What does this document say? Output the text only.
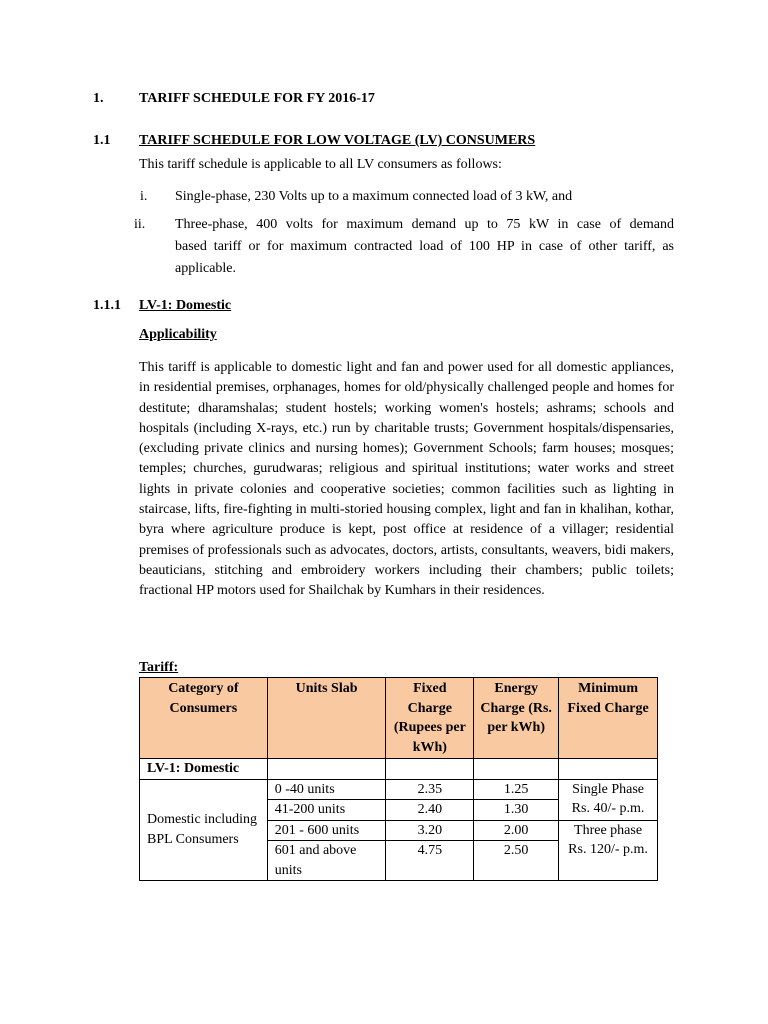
1.	TARIFF SCHEDULE FOR FY 2016-17
1.1 TARIFF SCHEDULE FOR LOW VOLTAGE (LV) CONSUMERS
This tariff schedule is applicable to all LV consumers as follows:
i. Single-phase, 230 Volts up to a maximum connected load of 3 kW, and
ii. Three-phase, 400 volts for maximum demand up to 75 kW in case of demand
based tariff or for maximum contracted load of 100 HP in case of other tariff, as
applicable.
1.1.1 LV-1: Domestic
Applicability
This tariff is applicable to domestic light and fan and power used for all domestic appliances, in residential premises, orphanages, homes for old/physically challenged people and homes for destitute; dharamshalas; student hostels; working women's hostels; ashrams; schools and hospitals (including X-rays, etc.) run by charitable trusts; Government hospitals/dispensaries, (excluding private clinics and nursing homes); Government Schools; farm houses; mosques; temples; churches, gurudwaras; religious and spiritual institutions; water works and street lights in private colonies and cooperative societies; common facilities such as lighting in staircase, lifts, fire-fighting in multi-storied housing complex, light and fan in khalihan, kothar, byra where agriculture produce is kept, post office at residence of a villager; residential premises of professionals such as advocates, doctors, artists, consultants, weavers, bidi makers, beauticians, stitching and embroidery workers including their chambers; public toilets; fractional HP motors used for Shailchak by Kumhars in their residences.
Tariff:
Category of Consumers	Units Slab	Fixed Charge (Rupees per kWh)	Energy Charge (Rs. per kWh)	Minimum Fixed Charge
LV-1: Domestic				
Domestic including BPL Consumers	0 -40 units	2.35	1.25	Single Phase
Rs. 40/- p.m.

	41-200 units	2.40	1.30	
	201 - 600 units	3.20	2.00	Three phase
Rs. 120/- p.m.

	601 and above units	4.75	2.50	
